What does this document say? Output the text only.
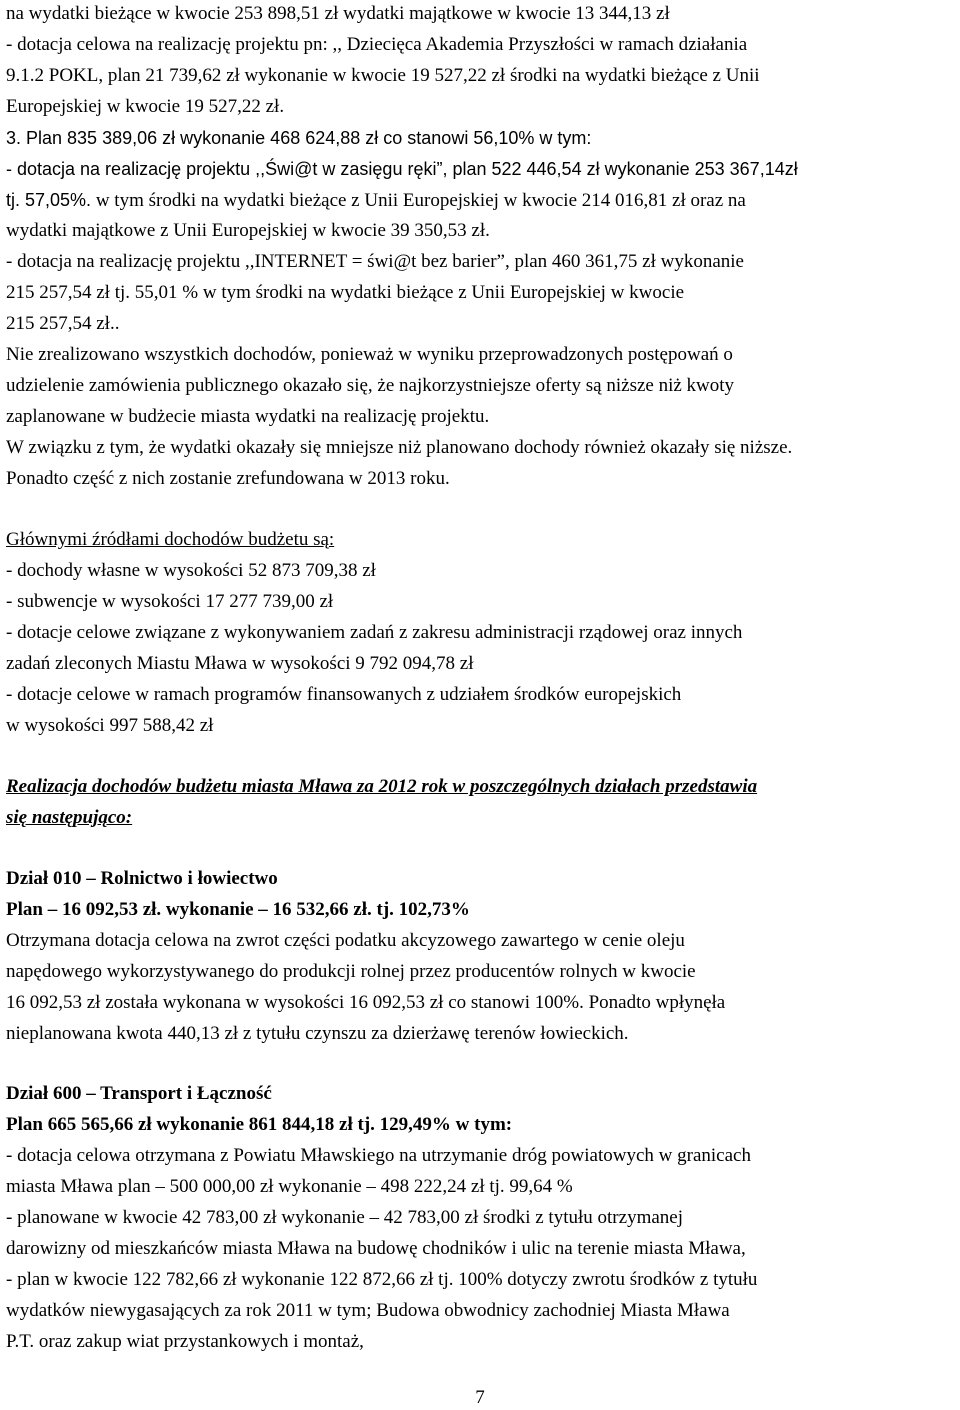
na wydatki bieżące w kwocie 253 898,51 zł wydatki majątkowe w kwocie 13 344,13 zł
- dotacja celowa na realizację projektu pn: ,, Dziecięca Akademia Przyszłości w ramach działania
9.1.2 POKL, plan 21 739,62 zł wykonanie w kwocie 19 527,22 zł środki na wydatki bieżące z Unii
Europejskiej w kwocie 19 527,22 zł.
3. Plan 835 389,06 zł wykonanie 468 624,88 zł co stanowi 56,10% w tym:
- dotacja na realizację projektu ,,Świ@t w zasięgu ręki”, plan 522 446,54 zł wykonanie 253 367,14zł
tj. 57,05%. w tym środki na wydatki bieżące z Unii Europejskiej w kwocie 214 016,81 zł oraz na
wydatki majątkowe z Unii Europejskiej w kwocie 39 350,53 zł.
- dotacja na realizację projektu ,,INTERNET = świ@t bez barier”, plan 460 361,75 zł wykonanie
215 257,54 zł tj. 55,01 % w tym środki na wydatki bieżące z Unii Europejskiej w kwocie
215 257,54 zł..
Nie zrealizowano wszystkich dochodów, ponieważ w wyniku przeprowadzonych postępowań o
udzielenie zamówienia publicznego okazało się, że najkorzystniejsze oferty są niższe niż kwoty
zaplanowane w budżecie miasta wydatki na realizację projektu.
W związku z tym, że wydatki okazały się mniejsze niż planowano dochody również okazały się niższe.
Ponadto część z nich zostanie zrefundowana w 2013 roku.
Głównymi źródłami dochodów budżetu są:
- dochody własne w wysokości 52 873 709,38 zł
- subwencje w wysokości 17 277 739,00 zł
- dotacje celowe związane z wykonywaniem zadań z zakresu administracji rządowej oraz innych
zadań zleconych Miastu Mława w wysokości 9 792 094,78 zł
- dotacje celowe w ramach programów finansowanych z udziałem środków europejskich
w wysokości 997 588,42 zł
Realizacja dochodów budżetu miasta Mława za 2012 rok w poszczególnych działach przedstawia
się następująco:
Dział 010 – Rolnictwo i łowiectwo
Plan – 16 092,53 zł. wykonanie – 16 532,66 zł. tj. 102,73%
Otrzymana dotacja celowa na zwrot części podatku akcyzowego zawartego w cenie oleju
napędowego wykorzystywanego do produkcji rolnej przez producentów rolnych w kwocie
16 092,53 zł została wykonana w wysokości 16 092,53 zł co stanowi 100%. Ponadto wpłynęła
nieplanowana kwota 440,13 zł z tytułu czynszu za dzierżawę terenów łowieckich.
Dział 600 – Transport i Łączność
Plan 665 565,66 zł wykonanie 861 844,18 zł tj. 129,49% w tym:
- dotacja celowa otrzymana z Powiatu Mławskiego na utrzymanie dróg powiatowych w granicach
miasta Mława plan – 500 000,00 zł wykonanie – 498 222,24 zł tj. 99,64 %
- planowane w kwocie 42 783,00 zł wykonanie – 42 783,00 zł środki z tytułu otrzymanej
darowizny od mieszkańców miasta Mława na budowę chodników i ulic na terenie miasta Mława,
- plan w kwocie 122 782,66 zł wykonanie 122 872,66 zł tj. 100% dotyczy zwrotu środków z tytułu
wydatków niewygasających za rok 2011 w tym; Budowa obwodnicy zachodniej Miasta Mława
P.T. oraz zakup wiat przystankowych i montaż,
7
